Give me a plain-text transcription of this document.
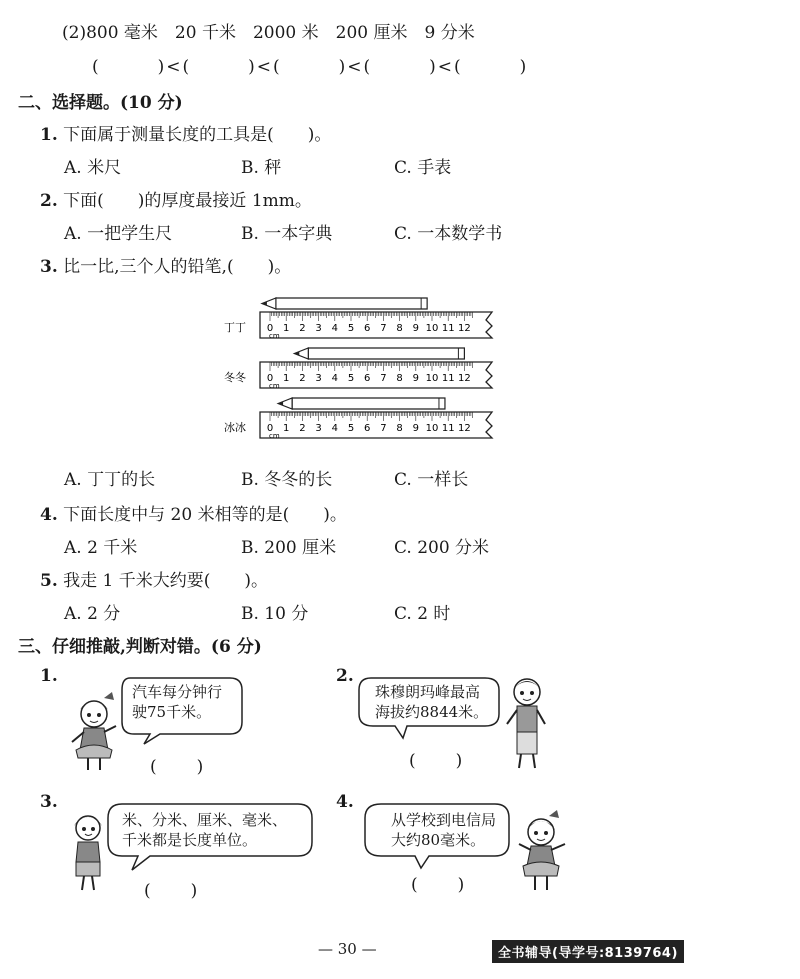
(2)800 毫米　20 千米　2000 米　200 厘米　9 分米
(　　　)<(　　　)<(　　　)<(　　　)<(　　　)
二、选择题。(10 分)
1. 下面属于测量长度的工具是(　　)。
A. 米尺	B. 秤	C. 手表
2. 下面(　　)的厚度最接近 1mm。
A. 一把学生尺	B. 一本字典	C. 一本数学书
3. 比一比,三个人的铅笔,(　　)。
丁丁 0 1 2 3 4 5 6 7 8 9 10 11 12
cm
冬冬 0 1 2 3 4 5 6 7 8 9 10 11 12
cm
冰冰 0 1 2 3 4 5 6 7 8 9 10 11 12
cm
A. 丁丁的长	B. 冬冬的长	C. 一样长
4. 下面长度中与 20 米相等的是(　　)。
A. 2 千米	B. 200 厘米	C. 200 分米
5. 我走 1 千米大约要(　　)。
A. 2 分	B. 10 分	C. 2 时
三、仔细推敲,判断对错。(6 分)
1.
汽车每分钟行
驶75千米。
(　　)
2.
珠穆朗玛峰最高
海拔约8844米。
(　　)
3.
米、分米、厘米、毫米、
千米都是长度单位。
(　　)
4.
从学校到电信局
大约80毫米。
(　　)
— 30 —	全书辅导(导学号:8139764)
